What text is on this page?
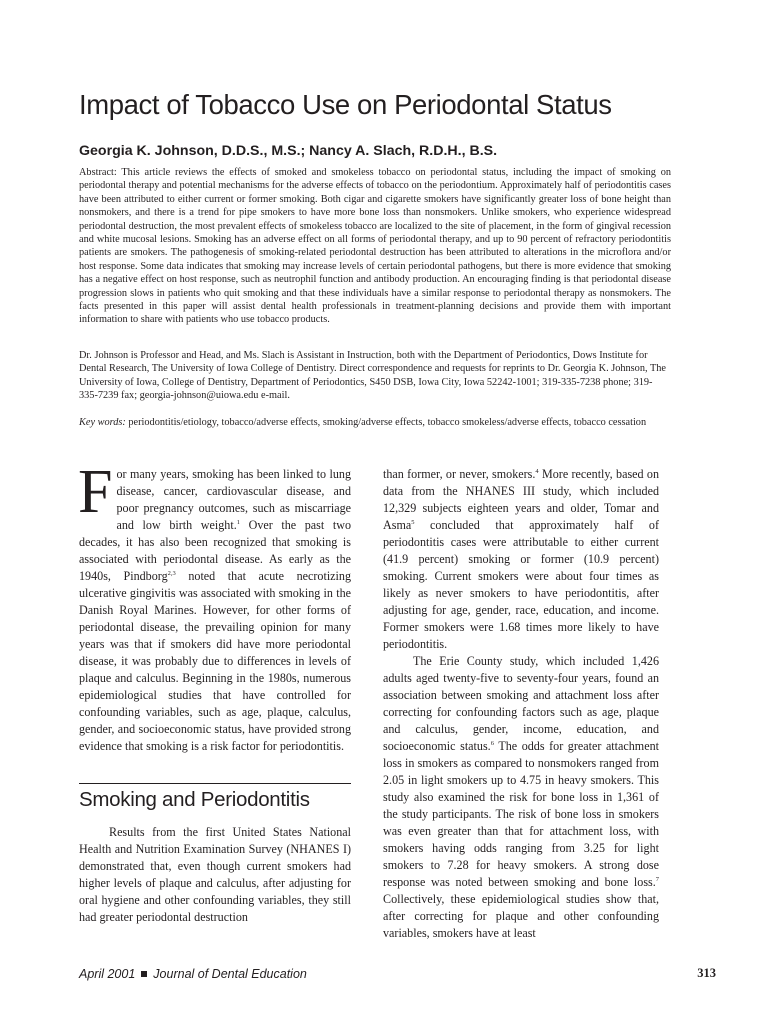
Impact of Tobacco Use on Periodontal Status
Georgia K. Johnson, D.D.S., M.S.; Nancy A. Slach, R.D.H., B.S.

Abstract: This article reviews the effects of smoked and smokeless tobacco on periodontal status, including the impact of smoking on periodontal therapy and potential mechanisms for the adverse effects of tobacco on the periodontium. Approximately half of periodontitis cases have been attributed to either current or former smoking. Both cigar and cigarette smokers have significantly greater loss of bone height than nonsmokers, and there is a trend for pipe smokers to have more bone loss than nonsmokers. Unlike smokers, who experience widespread periodontal destruction, the most prevalent effects of smokeless tobacco are localized to the site of placement, in the form of gingival recession and white mucosal lesions. Smoking has an adverse effect on all forms of periodontal therapy, and up to 90 percent of refractory periodontitis patients are smokers. The pathogenesis of smoking-related periodontal destruction has been attributed to alterations in the microflora and/or host response. Some data indicates that smoking may increase levels of certain periodontal pathogens, but there is more evidence that smoking has a negative effect on host response, such as neutrophil function and antibody production. An encouraging finding is that periodontal disease progression slows in patients who quit smoking and that these individuals have a similar response to periodontal therapy as nonsmokers. The facts presented in this paper will assist dental health professionals in treatment-planning decisions and provide them with important information to share with patients who use tobacco products.

Dr. Johnson is Professor and Head, and Ms. Slach is Assistant in Instruction, both with the Department of Periodontics, Dows Institute for Dental Research, The University of Iowa College of Dentistry. Direct correspondence and requests for reprints to Dr. Georgia K. Johnson, The University of Iowa, College of Dentistry, Department of Periodontics, S450 DSB, Iowa City, Iowa 52242-1001; 319-335-7238 phone; 319-335-7239 fax; georgia-johnson@uiowa.edu e-mail.

Key words: periodontitis/etiology, tobacco/adverse effects, smoking/adverse effects, tobacco smokeless/adverse effects, tobacco cessation

For many years, smoking has been linked to lung disease, cancer, cardiovascular disease, and poor pregnancy outcomes, such as miscarriage and low birth weight.$^1$ Over the past two decades, it has also been recognized that smoking is associated with periodontal disease. As early as the 1940s, Pindborg$^{2,3}$ noted that acute necrotizing ulcerative gingivitis was associated with smoking in the Danish Royal Marines. However, for other forms of periodontal disease, the prevailing opinion for many years was that if smokers did have more periodontal disease, it was probably due to differences in levels of plaque and calculus. Beginning in the 1980s, numerous epidemiological studies that have controlled for confounding variables, such as age, plaque, calculus, gender, and socioeconomic status, have provided strong evidence that smoking is a risk factor for periodontitis.

Smoking and Periodontitis

Results from the first United States National Health and Nutrition Examination Survey (NHANES I) demonstrated that, even though current smokers had higher levels of plaque and calculus, after adjusting for oral hygiene and other confounding variables, they still had greater periodontal destruction

than former, or never, smokers.$^4$ More recently, based on data from the NHANES III study, which included 12,329 subjects eighteen years and older, Tomar and Asma$^5$ concluded that approximately half of periodontitis cases were attributable to either current (41.9 percent) smoking or former (10.9 percent) smoking. Current smokers were about four times as likely as never smokers to have periodontitis, after adjusting for age, gender, race, education, and income. Former smokers were 1.68 times more likely to have periodontitis.

The Erie County study, which included 1,426 adults aged twenty-five to seventy-four years, found an association between smoking and attachment loss after correcting for confounding factors such as age, plaque and calculus, gender, income, education, and socioeconomic status.$^6$ The odds for greater attachment loss in smokers as compared to nonsmokers ranged from 2.05 in light smokers up to 4.75 in heavy smokers. This study also examined the risk for bone loss in 1,361 of the study participants. The risk of bone loss in smokers was even greater than that for attachment loss, with smokers having odds ranging from 3.25 for light smokers to 7.28 for heavy smokers. A strong dose response was noted between smoking and bone loss.$^7$ Collectively, these epidemiological studies show that, after correcting for plaque and other confounding variables, smokers have at least

April 2001 Journal of Dental Education	313
